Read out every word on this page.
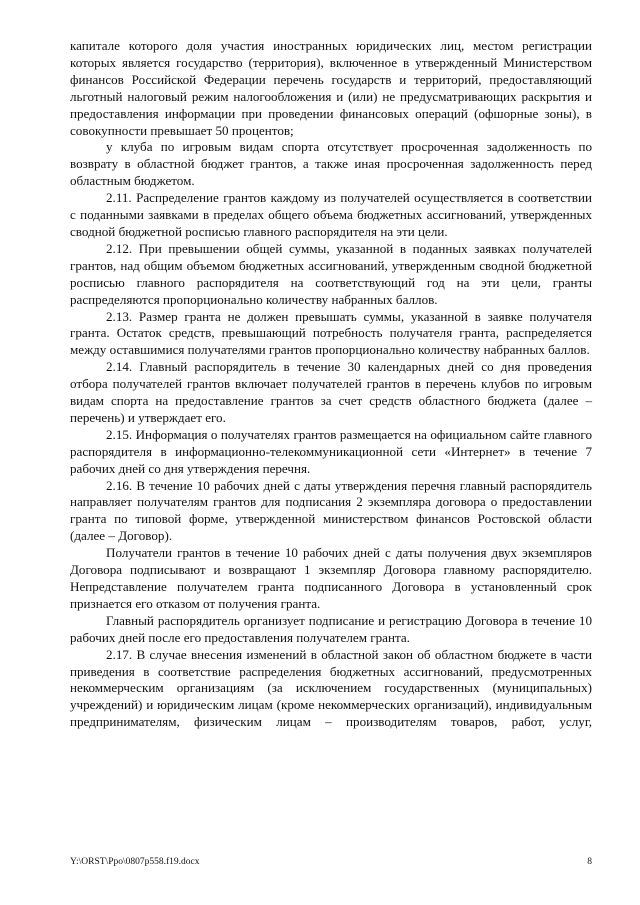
капитале которого доля участия иностранных юридических лиц, местом регистрации которых является государство (территория), включенное в утвержденный Министерством финансов Российской Федерации перечень государств и территорий, предоставляющий льготный налоговый режим налогообложения и (или) не предусматривающих раскрытия и предоставления информации при проведении финансовых операций (офшорные зоны), в совокупности превышает 50 процентов;

у клуба по игровым видам спорта отсутствует просроченная задолженность по возврату в областной бюджет грантов, а также иная просроченная задолженность перед областным бюджетом.

2.11. Распределение грантов каждому из получателей осуществляется в соответствии с поданными заявками в пределах общего объема бюджетных ассигнований, утвержденных сводной бюджетной росписью главного распорядителя на эти цели.

2.12. При превышении общей суммы, указанной в поданных заявках получателей грантов, над общим объемом бюджетных ассигнований, утвержденным сводной бюджетной росписью главного распорядителя на соответствующий год на эти цели, гранты распределяются пропорционально количеству набранных баллов.

2.13. Размер гранта не должен превышать суммы, указанной в заявке получателя гранта. Остаток средств, превышающий потребность получателя гранта, распределяется между оставшимися получателями грантов пропорционально количеству набранных баллов.

2.14. Главный распорядитель в течение 30 календарных дней со дня проведения отбора получателей грантов включает получателей грантов в перечень клубов по игровым видам спорта на предоставление грантов за счет средств областного бюджета (далее – перечень) и утверждает его.

2.15. Информация о получателях грантов размещается на официальном сайте главного распорядителя в информационно-телекоммуникационной сети «Интернет» в течение 7 рабочих дней со дня утверждения перечня.

2.16. В течение 10 рабочих дней с даты утверждения перечня главный распорядитель направляет получателям грантов для подписания 2 экземпляра договора о предоставлении гранта по типовой форме, утвержденной министерством финансов Ростовской области (далее – Договор).

Получатели грантов в течение 10 рабочих дней с даты получения двух экземпляров Договора подписывают и возвращают 1 экземпляр Договора главному распорядителю. Непредставление получателем гранта подписанного Договора в установленный срок признается его отказом от получения гранта.

Главный распорядитель организует подписание и регистрацию Договора в течение 10 рабочих дней после его предоставления получателем гранта.

2.17. В случае внесения изменений в областной закон об областном бюджете в части приведения в соответствие распределения бюджетных ассигнований, предусмотренных некоммерческим организациям (за исключением государственных (муниципальных) учреждений) и юридическим лицам (кроме некоммерческих организаций), индивидуальным предпринимателям, физическим лицам – производителям товаров, работ, услуг,

Y:\ORST\Ppo\0807p558.f19.docx	8
